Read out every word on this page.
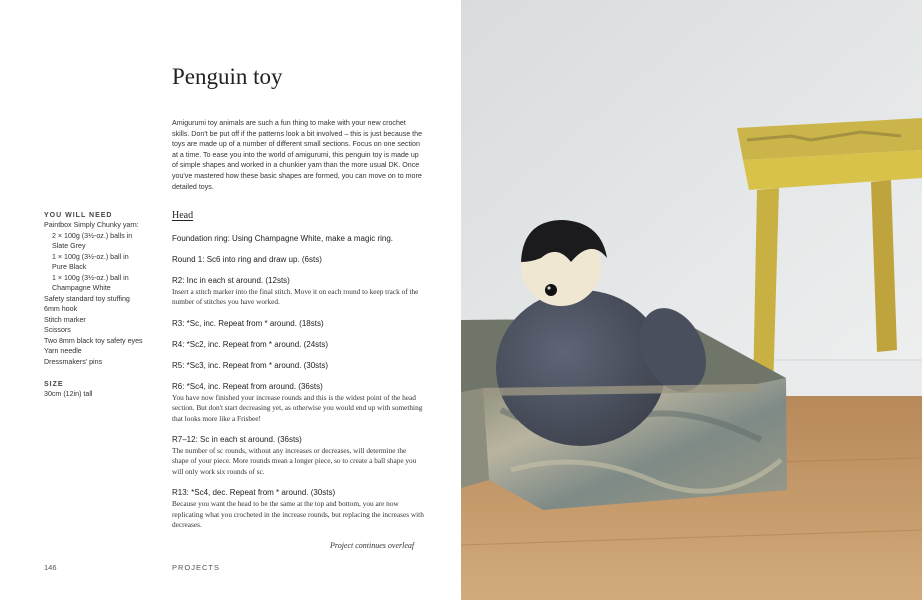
Penguin toy

Amigurumi toy animals are such a fun thing to make with your new crochet skills. Don't be put off if the patterns look a bit involved – this is just because the toys are made up of a number of different small sections. Focus on one section at a time. To ease you into the world of amigurumi, this penguin toy is made up of simple shapes and worked in a chunkier yarn than the more usual DK. Once you've mastered how these basic shapes are formed, you can move on to more detailed toys.

YOU WILL NEED

Paintbox Simply Chunky yarn:

2 × 100g (3½-oz.) balls in

Slate Grey

1 × 100g (3½-oz.) ball in

Pure Black

1 × 100g (3½-oz.) ball in

Champagne White

Safety standard toy stuffing

6mm hook

Stitch marker

Scissors

Two 8mm black toy safety eyes

Yarn needle

Dressmakers' pins

SIZE

30cm (12in) tall

Head

Foundation ring: Using Champagne White, make a magic ring.

Round 1: Sc6 into ring and draw up. (6sts)

R2: Inc in each st around. (12sts)

Insert a stitch marker into the final stitch. Move it on each round to keep track of the number of stitches you have worked.

R3: *Sc, inc. Repeat from * around. (18sts)

R4: *Sc2, inc. Repeat from * around. (24sts)

R5: *Sc3, inc. Repeat from * around. (30sts)

R6: *Sc4, inc. Repeat from around. (36sts)

You have now finished your increase rounds and this is the widest point of the head section. But don't start decreasing yet, as otherwise you would end up with something that looks more like a Frisbee!

R7–12: Sc in each st around. (36sts)

The number of sc rounds, without any increases or decreases, will determine the shape of your piece. More rounds mean a longer piece, so to create a ball shape you will only work six rounds of sc.

R13: *Sc4, dec. Repeat from * around. (30sts)

Because you want the head to be the same at the top and bottom, you are now replicating what you crocheted in the increase rounds, but replacing the increases with decreases.

Project continues overleaf
146	PROJECTS
